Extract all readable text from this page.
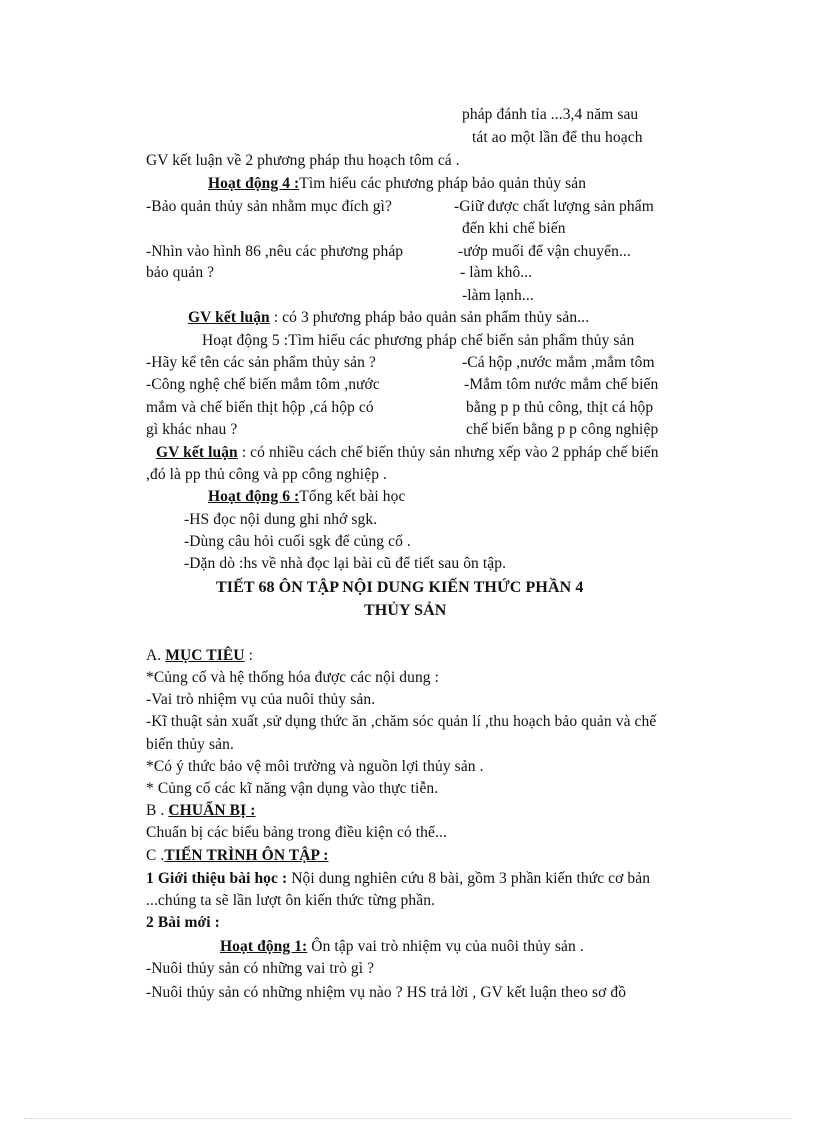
pháp đánh tỉa ...3,4 năm sau
tát ao một lần để thu hoạch
GV kết luận về 2 phương pháp thu hoạch tôm cá .
Hoạt động 4 :Tìm hiểu các phương pháp bảo quản thủy sản
-Bảo quản thủy sản nhằm mục đích gì?	-Giữ được chất lượng sản phẩm
đến khi chế biến
-Nhìn vào hình 86 ,nêu các phương pháp	-ướp muối để vận chuyển...
bảo quản ?	- làm khô...
-làm lạnh...
GV kết luận : có 3 phương pháp bảo quản sản phẩm thủy sản...
Hoạt động 5 :Tìm hiểu các phương pháp chế biến sản phẩm thủy sản
-Hãy kể tên các sản phẩm thủy sản ?	-Cá hộp ,nước mắm ,mắm tôm
-Công nghệ chế biến mắm tôm ,nước	-Mắm tôm nước mắm chế biến
mắm và chế biến thịt hộp ,cá hộp có	bằng p p thủ công, thịt cá hộp
gì khác nhau ?	chế biến bằng p p công nghiệp
GV kết luận : có nhiều cách chế biến thủy sản nhưng xếp vào 2 ppháp chế biến
,đó là pp thủ công và pp công nghiệp .
Hoạt động 6 :Tổng kết bài học
-HS đọc nội dung ghi nhớ sgk.
-Dùng câu hỏi cuối sgk để củng cố .
-Dặn dò :hs về nhà đọc lại bài cũ để tiết sau ôn tập.
TIẾT 68 ÔN TẬP NỘI DUNG KIẾN THỨC PHẦN 4
THỦY SẢN
A. MỤC TIÊU :
*Củng cố và hệ thống hóa được các nội dung :
-Vai trò nhiệm vụ của nuôi thủy sản.
-Kĩ thuật sản xuất ,sử dụng thức ăn ,chăm sóc quản lí ,thu hoạch bảo quản và chế
biến thủy sản.
*Có ý thức bảo vệ môi trường và nguồn lợi thủy sản .
* Củng cố các kĩ năng vận dụng vào thực tiễn.
B . CHUẨN BỊ :
Chuẩn bị các biểu bảng trong điều kiện có thể...
C .TIẾN TRÌNH ÔN TẬP :
1 Giới thiệu bài học : Nội dung nghiên cứu 8 bài, gồm 3 phần kiến thức cơ bản
...chúng ta sẽ lần lượt ôn kiến thức từng phần.
2 Bài mới :
Hoạt động 1: Ôn tập vai trò nhiệm vụ của nuôi thủy sản .
-Nuôi thủy sản có những vai trò gì ?
-Nuôi thủy sản có những nhiệm vụ nào ? HS trả lời , GV kết luận theo sơ đồ
